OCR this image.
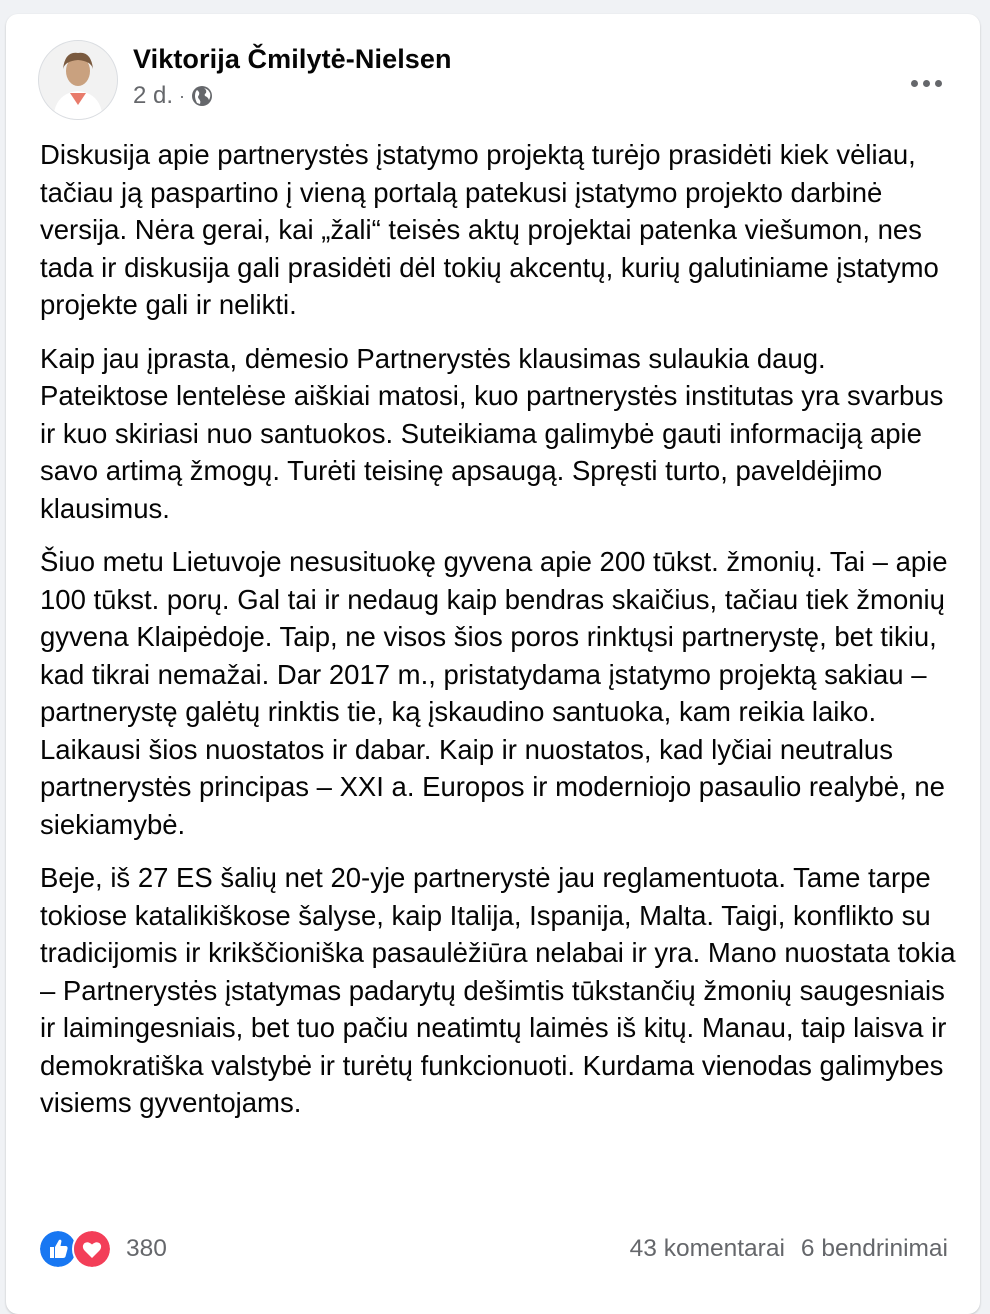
Viktorija Čmilytė-Nielsen
2 d. ·

Diskusija apie partnerystės įstatymo projektą turėjo prasidėti kiek vėliau, tačiau ją paspartino į vieną portalą patekusi įstatymo projekto darbinė versija. Nėra gerai, kai „žali“ teisės aktų projektai patenka viešumon, nes tada ir diskusija gali prasidėti dėl tokių akcentų, kurių galutiniame įstatymo projekte gali ir nelikti.

Kaip jau įprasta, dėmesio Partnerystės klausimas sulaukia daug. Pateiktose lentelėse aiškiai matosi, kuo partnerystės institutas yra svarbus ir kuo skiriasi nuo santuokos. Suteikiama galimybė gauti informaciją apie savo artimą žmogų. Turėti teisinę apsaugą. Spręsti turto, paveldėjimo klausimus.

Šiuo metu Lietuvoje nesusituokę gyvena apie 200 tūkst. žmonių. Tai – apie 100 tūkst. porų. Gal tai ir nedaug kaip bendras skaičius, tačiau tiek žmonių gyvena Klaipėdoje. Taip, ne visos šios poros rinktųsi partnerystę, bet tikiu, kad tikrai nemažai. Dar 2017 m., pristatydama įstatymo projektą sakiau – partnerystę galėtų rinktis tie, ką įskaudino santuoka, kam reikia laiko. Laikausi šios nuostatos ir dabar. Kaip ir nuostatos, kad lyčiai neutralus partnerystės principas – XXI a. Europos ir moderniojo pasaulio realybė, ne siekiamybė.

Beje, iš 27 ES šalių net 20-yje partnerystė jau reglamentuota. Tame tarpe tokiose katalikiškose šalyse, kaip Italija, Ispanija, Malta. Taigi, konflikto su tradicijomis ir krikščioniška pasaulėžiūra nelabai ir yra. Mano nuostata tokia – Partnerystės įstatymas padarytų dešimtis tūkstančių žmonių saugesniais ir laimingesniais, bet tuo pačiu neatimtų laimės iš kitų. Manau, taip laisva ir demokratiška valstybė ir turėtų funkcionuoti. Kurdama vienodas galimybes visiems gyventojams.

380	43 komentarai 6 bendrinimai
